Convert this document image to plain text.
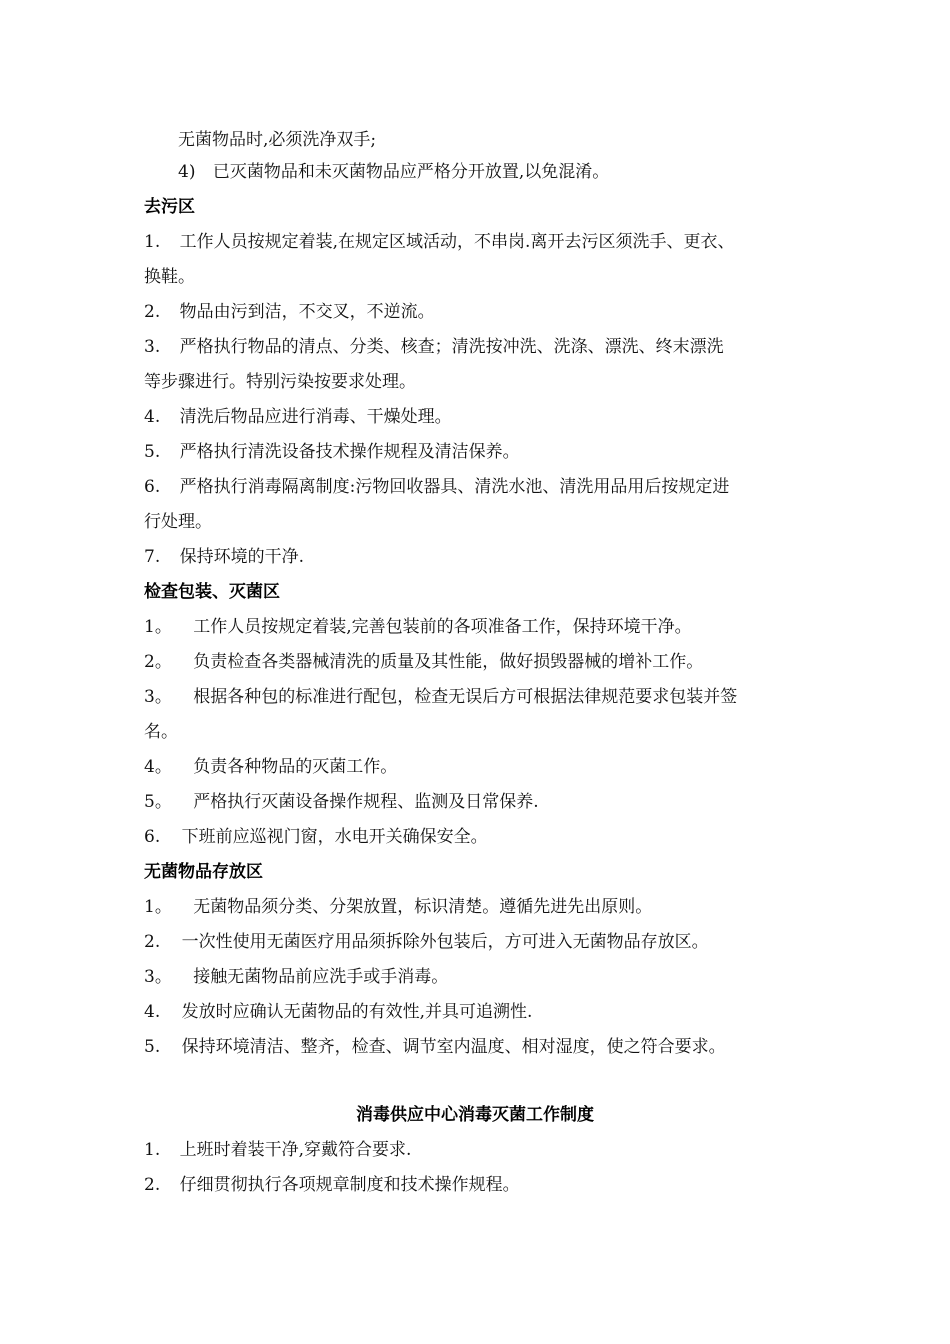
无菌物品时,必须洗净双手;
4) 已灭菌物品和未灭菌物品应严格分开放置,以免混淆。
去污区
1. 工作人员按规定着装,在规定区域活动，不串岗.离开去污区须洗手、更衣、
换鞋。
2. 物品由污到洁，不交叉，不逆流。
3. 严格执行物品的清点、分类、核查；清洗按冲洗、洗涤、漂洗、终末漂洗
等步骤进行。特别污染按要求处理。
4. 清洗后物品应进行消毒、干燥处理。
5. 严格执行清洗设备技术操作规程及清洁保养。
6. 严格执行消毒隔离制度:污物回收器具、清洗水池、清洗用品用后按规定进
行处理。
7. 保持环境的干净.
检查包装、灭菌区
1。 工作人员按规定着装,完善包装前的各项准备工作，保持环境干净。
2。 负责检查各类器械清洗的质量及其性能，做好损毁器械的增补工作。
3。 根据各种包的标准进行配包，检查无误后方可根据法律规范要求包装并签
名。
4。 负责各种物品的灭菌工作。
5。 严格执行灭菌设备操作规程、监测及日常保养.
6. 下班前应巡视门窗，水电开关确保安全。
无菌物品存放区
1。 无菌物品须分类、分架放置，标识清楚。遵循先进先出原则。
2. 一次性使用无菌医疗用品须拆除外包装后，方可进入无菌物品存放区。
3。 接触无菌物品前应洗手或手消毒。
4. 发放时应确认无菌物品的有效性,并具可追溯性.
5. 保持环境清洁、整齐，检查、调节室内温度、相对湿度，使之符合要求。
消毒供应中心消毒灭菌工作制度
1. 上班时着装干净,穿戴符合要求.
2. 仔细贯彻执行各项规章制度和技术操作规程。
